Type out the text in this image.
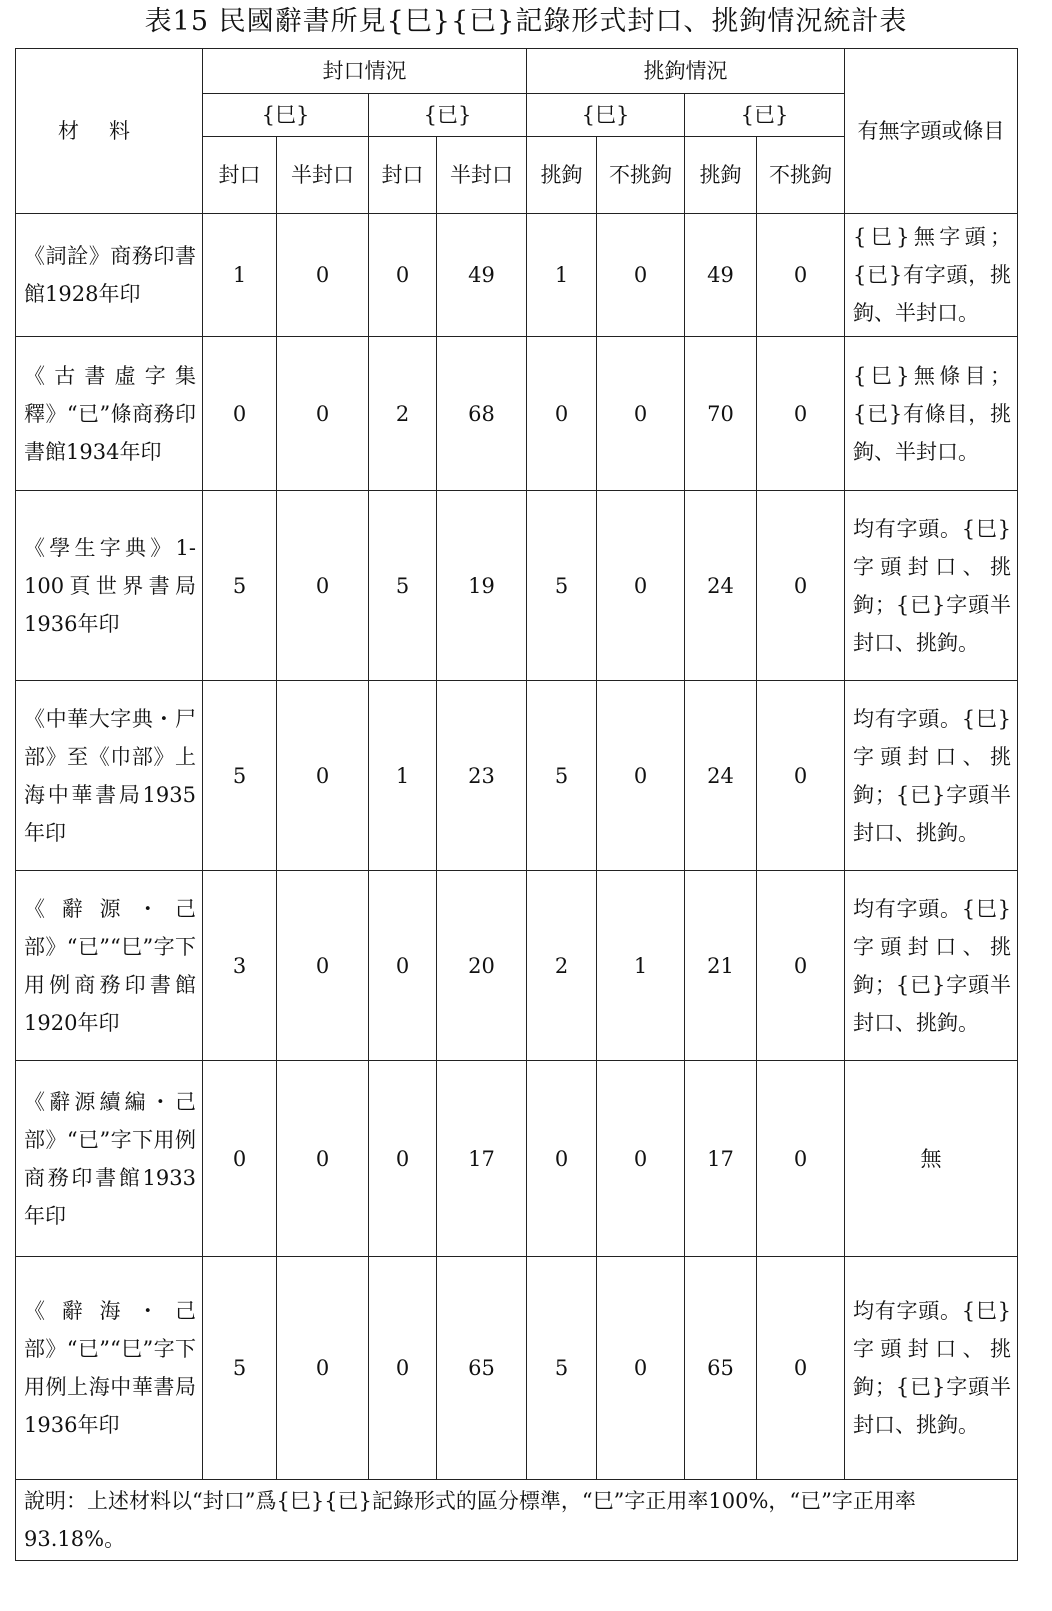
表15 民國辭書所見{巳}{已}記錄形式封口、挑鉤情況統計表
材料	封口情況				挑鉤情況				有無字頭或條目
	{巳}		{已}		{巳}		{已}		
	封口	半封口	封口	半封口	挑鉤	不挑鉤	挑鉤	不挑鉤	
《詞詮》商務印書館1928年印	1	0	0	49	1	0	49	0	{巳}無字頭；{已}有字頭，挑鉤、半封口。
《古書虛字集釋》“已”條商務印書館1934年印	0	0	2	68	0	0	70	0	{巳}無條目；{已}有條目，挑鉤、半封口。
《學生字典》1-100頁世界書局1936年印	5	0	5	19	5	0	24	0	均有字頭。{巳}字頭封口、挑鉤；{已}字頭半封口、挑鉤。
《中華大字典・尸部》至《巾部》上海中華書局1935年印	5	0	1	23	5	0	24	0	均有字頭。{巳}字頭封口、挑鉤；{已}字頭半封口、挑鉤。
《辭源・己部》“已”“巳”字下用例商務印書館1920年印	3	0	0	20	2	1	21	0	均有字頭。{巳}字頭封口、挑鉤；{已}字頭半封口、挑鉤。
《辭源續編・己部》“已”字下用例商務印書館1933年印	0	0	0	17	0	0	17	0	無
《辭海・己部》“已”“巳”字下用例上海中華書局1936年印	5	0	0	65	5	0	65	0	均有字頭。{巳}字頭封口、挑鉤；{已}字頭半封口、挑鉤。
說明：上述材料以“封口”爲{巳}{已}記錄形式的區分標準，“巳”字正用率100%，“已”字正用率93.18%。									
